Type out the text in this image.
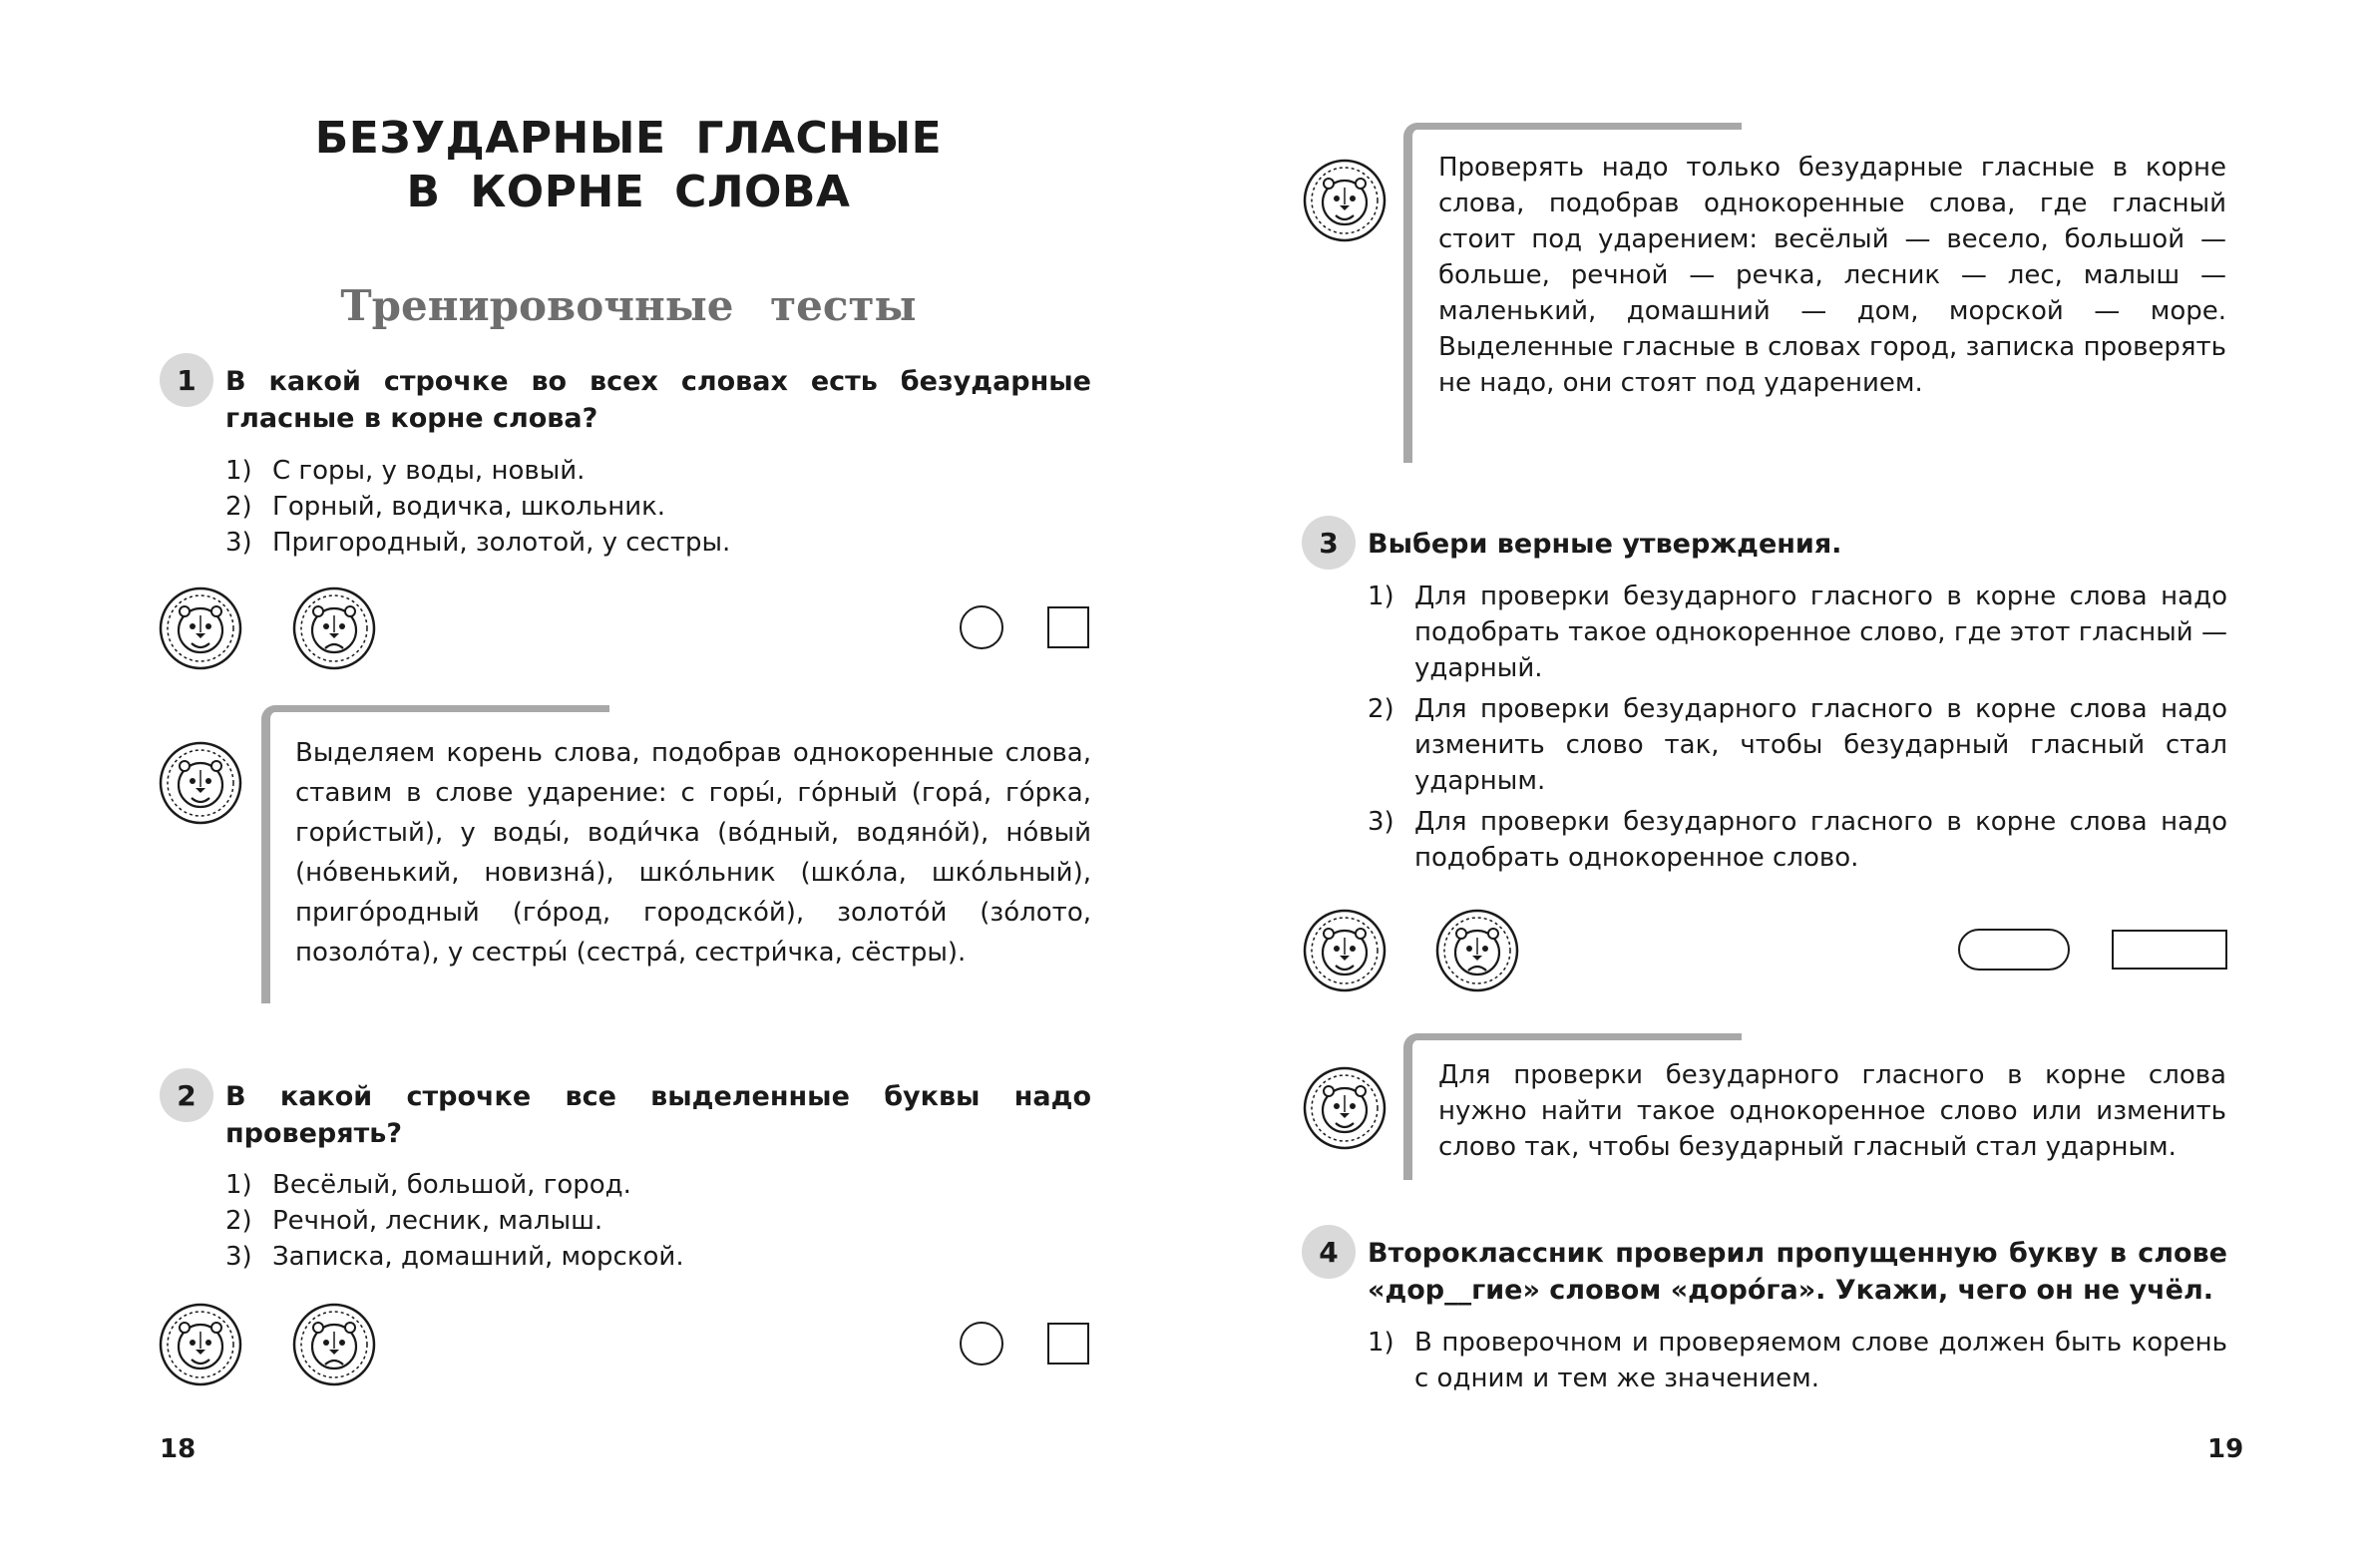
БЕЗУДАРНЫЕ ГЛАСНЫЕ
В КОРНЕ СЛОВА
Тренировочные тесты
1	В какой строчке во всех словах есть безударные гласные в корне слова?
1) С горы, у воды, новый.
2) Горный, водичка, школьник.
3) Пригородный, золотой, у сестры.
Выделяем корень слова, подобрав однокоренные слова, ставим в слове ударение: с горы́, го́рный (гора́, го́рка, гори́стый), у воды́, води́чка (во́дный, водяно́й), но́вый (но́венький, новизна́), шко́льник (шко́ла, шко́льный), приго́родный (го́род, городско́й), золото́й (зо́лото, позоло́та), у сестры́ (сестра́, сестри́чка, сёстры).
2	В какой строчке все выделенные буквы надо проверять?
1) Весёлый, большой, город.
2) Речной, лесник, малыш.
3) Записка, домашний, морской.
18
Проверять надо только безударные гласные в корне слова, подобрав однокоренные слова, где гласный стоит под ударением: весёлый — весело, большой — больше, речной — речка, лесник — лес, малыш — маленький, домашний — дом, морской — море. Выделенные гласные в словах город, записка проверять не надо, они стоят под ударением.
3	Выбери верные утверждения.
1) Для проверки безударного гласного в корне слова надо подобрать такое однокоренное слово, где этот гласный — ударный.
2) Для проверки безударного гласного в корне слова надо изменить слово так, чтобы безударный гласный стал ударным.
3) Для проверки безударного гласного в корне слова надо подобрать однокоренное слово.
Для проверки безударного гласного в корне слова нужно найти такое однокоренное слово или изменить слово так, чтобы безударный гласный стал ударным.
4	Второклассник проверил пропущенную букву в слове «дор__гие» словом «доро́га». Укажи, чего он не учёл.
1) В проверочном и проверяемом слове должен быть корень с одним и тем же значением.
19
